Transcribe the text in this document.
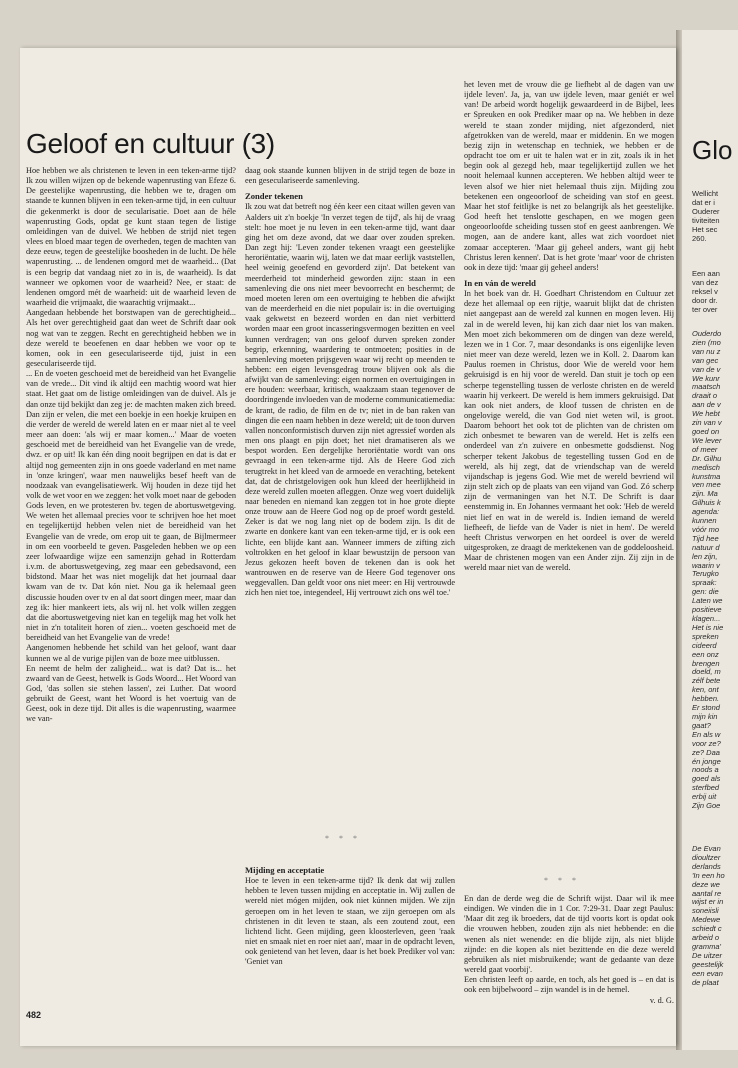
Glo
Wellicht
dat er i
Ouderer
tiviteiten
Het sec
260.
Een aan
van dez
reksel v
door dr.
ter over
Ouderdo
zien (mo
van nu z
van gec
van de v
We kunr
maatsch
draait o
aan de v
We hebt
zin van v
goed on
We lever
of meer
Dr. Gilhu
medisch
kunstma
ven mee
zijn. Ma
Gilhuis k
agenda:
kunnen
vóór mo
Tijd hee
natuur d
len zijn,
waarin v
Terugko
spraak:
gen: die
Laten we
positieve
klagen...
Het is nie
spreken
cideerd
een onz
brengen
doeld, m
zélf bete
ken, ont
hebben.
Er stond
mijn kin
gaat?
En als w
voor ze?
ze? Daa
én jonge
noods a
goed als
sterfbed
erbij uit
Zijn Goe
De Evan
dioultzer
derlands
'In een ho
deze we
aantal re
wijst er in
soneiisli
Medewe
schiedt c
arbeid o
gramma'
De uitzer
geestelijk
een evan
de plaat
Geloof en cultuur (3)

Hoe hebben we als christenen te leven in een teken-arme tijd? Ik zou willen wijzen op de bekende wapenrusting van Efeze 6. De geestelijke wapenrusting, die hebben we te, dragen om staande te kunnen blijven in een teken-arme tijd, in een cultuur die gekenmerkt is door de secularisatie. Doet aan de héle wapenrusting Gods, opdat ge kunt staan tegen de listige omleidingen van de duivel. We hebben de strijd niet tegen vlees en bloed maar tegen de overheden, tegen de machten van deze eeuw, tegen de geestelijke boosheden in de lucht. De héle wapenrusting. ... de lendenen omgord met de waarheid... (Dat is een begrip dat vandaag niet zo in is, de waarheid). Is dat wanneer we opkomen voor de waarheid? Nee, er staat: de lendenen omgord mét de waarheid: uit de waarheid leven de waarheid die vrijmaakt, die waarachtig vrijmaakt...

Aangedaan hebbende het borstwapen van de gerechtigheid... Als het over gerechtigheid gaat dan weet de Schrift daar ook nog wat van te zeggen. Recht en gerechtigheid hebben we in deze wereld te beoefenen en daar hebben we voor op te komen, ook in een geseculariseerde tijd, juist in een geseculariseerde tijd.

... En de voeten geschoeid met de bereidheid van het Evangelie van de vrede... Dit vind ik altijd een machtig woord wat hier staat. Het gaat om de listige omleidingen van de duivel. Als je dan onze tijd bekijkt dan zeg je: de machten maken zich breed. Dan zijn er velen, die met een boekje in een hoekje kruipen en die verder de wereld de wereld laten en er maar niet al te veel meer aan doen: 'als wij er maar komen...' Maar de voeten geschoeid met de bereidheid van het Evangelie van de vrede, dwz. er op uit! Ik kan één ding nooit begrijpen en dat is dat er altijd nog gemeenten zijn in ons goede vaderland en met name in 'onze kringen', waar men nauwelijks besef heeft van de noodzaak van evangelisatiewerk. Wij houden in deze tijd het volk de wet voor en we zeggen: het volk moet naar de geboden Gods leven, en we protesteren bv. tegen de abortuswetgeving. We weten het allemaal precies voor te schrijven hoe het moet en tegelijkertijd hebben velen niet de bereidheid van het Evangelie van de vrede, om erop uit te gaan, de Bijlmermeer in om een voorbeeld te geven. Pasgeleden hebben we op een zeer lofwaardige wijze een samenzijn gehad in Rotterdam i.v.m. de abortuswetgeving, zeg maar een gebedsavond, een bidstond. Maar het was niet mogelijk dat het journaal daar kwam van de tv. Dat kón niet. Nou ga ik helemaal geen discussie houden over tv en al dat soort dingen meer, maar dan zeg ik: hier mankeert iets, als wij nl. het volk willen zeggen dat die abortuswetgeving niet kan en tegelijk mag het volk het niet in z'n totaliteit horen of zien... voeten geschoeid met de bereidheid van het Evangelie van de vrede!

Aangenomen hebbende het schild van het geloof, want daar kunnen we al de vurige pijlen van de boze mee uitblussen.

En neemt de helm der zaligheid... wat is dat? Dat is... het zwaard van de Geest, hetwelk is Gods Woord... Het Woord van God, 'das sollen sie stehen lassen', zei Luther. Dat woord gebruikt de Geest, want het Woord is het voertuig van de Geest, ook in deze tijd. Dit alles is die wapenrusting, waarmee we van-

daag ook staande kunnen blijven in de strijd tegen de boze in een geseculariseerde samenleving.

Zonder tekenen

Ik zou wat dat betreft nog één keer een citaat willen geven van Aalders uit z'n boekje 'In verzet tegen de tijd', als hij de vraag stelt: hoe moet je nu leven in een teken-arme tijd, want daar ging het om deze avond, dat we daar over zouden spreken. Dan zegt hij: 'Leven zonder tekenen vraagt een geestelijke heroriëntatie, waarin wij, laten we dat maar eerlijk vaststellen, heel weinig geoefend en gevorderd zijn'. Dat betekent van meerderheid tot minderheid geworden zijn: staan in een samenleving die ons niet meer bevoorrecht en beschermt; de moed moeten leren om een overtuiging te hebben die afwijkt van de meerderheid en die niet populair is: in die overtuiging vaak gekwetst en bezeerd worden en dan niet verbitterd worden maar een groot incasseringsvermogen bezitten en veel kunnen verdragen; van ons geloof durven spreken zonder begrip, erkenning, waardering te ontmoeten; posities in de samenleving moeten prijsgeven waar wij recht op meenden te hebben: een eigen levensgedrag trouw blijven ook als die afwijkt van de samenleving: eigen normen en overtuigingen in ere houden: weerbaar, kritisch, waakzaam staan tegenover de doordringende invloeden van de moderne communicatiemedia: de krant, de radio, de film en de tv; niet in de ban raken van dingen die een naam hebben in deze wereld; uit de toon durven vallen nonconformistisch durven zijn niet agressief worden als men ons plaagt en pijn doet; het niet dramatiseren als we bespot worden. Een dergelijke heroriëntatie wordt van ons gevraagd in een teken-arme tijd. Als de Heere God zich terugtrekt in het kleed van de armoede en verachting, betekent dat, dat de christgelovigen ook hun kleed der heerlijkheid in deze wereld zullen moeten afleggen. Onze weg voert duidelijk naar beneden en niemand kan zeggen tot in hoe grote diepte onze trouw aan de Heere God nog op de proef wordt gesteld. Zeker is dat we nog lang niet op de bodem zijn. Is dit de zwarte en donkere kant van een teken-arme tijd, er is ook een lichte, een blijde kant aan. Wanneer immers de zifting zich voltrokken en het geloof in klaar bewustzijn de persoon van Jezus gekozen heeft boven de tekenen dan is ook het wantrouwen en de reserve van de Heere God tegenover ons weggevallen. Dan geldt voor ons niet meer: en Hij vertrouwde zich hen niet toe, integendeel, Hij vertrouwt zich ons wél toe.'

* * *
Mijding en acceptatie

Hoe te leven in een teken-arme tijd? Ik denk dat wij zullen hebben te leven tussen mijding en acceptatie in. Wij zullen de wereld niet mógen mijden, ook niet kúnnen mijden. We zijn geroepen om in het leven te staan, we zijn geroepen om als christenen in dit leven te staan, als een zoutend zout, een lichtend licht. Geen mijding, geen kloosterleven, geen 'raak niet en smaak niet en roer niet aan', maar in de opdracht leven, ook genietend van het leven, daar is het boek Prediker vol van: 'Geniet van

het leven met de vrouw die ge liefhebt al de dagen van uw ijdele leven'. Ja, ja, van uw ijdele leven, maar geniét er wel van! De arbeid wordt hogelijk gewaardeerd in de Bijbel, lees er Spreuken en ook Prediker maar op na. We hebben in deze wereld te staan zonder mijding, niet afgezonderd, niet afgetrokken van de wereld, maar er middenin. En we mogen bezig zijn in wetenschap en techniek, we hebben er de opdracht toe om er uit te halen wat er in zit, zoals ik in het begin ook al gezegd heb, maar tegelijkertijd zullen we het nooit helemaal kunnen accepteren. We hebben altijd weer te leven alsof we hier niet helemaal thuis zijn. Mijding zou betekenen een ongeoorloof de scheiding van stof en geest. Maar het stof feitlijke is net zo belangrijk als het geestelijke. God heeft het tenslotte geschapen, en we mogen geen ongeoorloofde scheiding tussen stof en geest aanbrengen. We mogen, aan de andere kant, alles wat zich voordoet niet zomaar accepteren. 'Maar gij geheel anders, want gij hebt Christus leren kennen'. Dat is het grote 'maar' voor de christen ook in deze tijd: 'maar gij geheel anders!

In en ván de wereld

In het boek van dr. H. Goedhart Christendom en Cultuur zet deze het allemaal op een rijtje, waaruit blijkt dat de christen niet aangepast aan de wereld zal kunnen en mogen leven. Hij zal in de wereld leven, hij kan zich daar niet los van maken. Men moet zich bekommeren om de dingen van deze wereld, lezen we in 1 Cor. 7, maar desondanks is ons eigenlijke leven niet meer van deze wereld, lezen we in Koll. 2. Daarom kan Paulus roemen in Christus, door Wie de wereld voor hem gekruisigd is en hij voor de wereld. Dan stuit je toch op een scherpe tegenstelling tussen de verloste christen en de wereld waarin hij verkeert. De wereld is hem immers gekruisigd. Dat kan ook niet anders, de kloof tussen de christen en de ongelovige wereld, die van God niet weten wil, is groot. Daarom behoort het ook tot de plichten van de christen om zich onbesmet te bewaren van de wereld. Het is zelfs een onderdeel van z'n zuivere en onbesmette godsdienst. Nog scherper tekent Jakobus de tegestelling tussen God en de wereld, als hij zegt, dat de vriendschap van de wereld vijandschap is jegens God. Wie met de wereld bevriend wil zijn stelt zich op de plaats van een vijand van God. Zó scherp zijn de vermaningen van het N.T. De Schrift is daar eenstemmig in. En Johannes vermaant het ook: 'Heb de wereld niet lief en wat in de wereld is. Indien iemand de wereld liefheeft, de liefde van de Vader is niet in hem'. De wereld heeft Christus verworpen en het oordeel is over de wereld uitgesproken, ze draagt de merktekenen van de goddeloosheid. Maar de christenen mogen van een Ander zijn. Zij zijn in de wereld maar niet van de wereld.

* * *

En dan de derde weg die de Schrift wijst. Daar wil ik mee eindigen. We vinden die in 1 Cor. 7:29-31. Daar zegt Paulus: 'Maar dit zeg ik broeders, dat de tijd voorts kort is opdat ook die vrouwen hebben, zouden zijn als niet hebbende: en die wenen als niet wenende: en die blijde zijn, als niet blijde zijnde: en die kopen als niet bezittende en die deze wereld gebruiken als niet misbruikende; want de gedaante van deze wereld gaat voorbij'.

Een christen leeft op aarde, en toch, als het goed is – en dat is ook een bijbelwoord – zijn wandel is in de hemel.

v. d. G.

482
